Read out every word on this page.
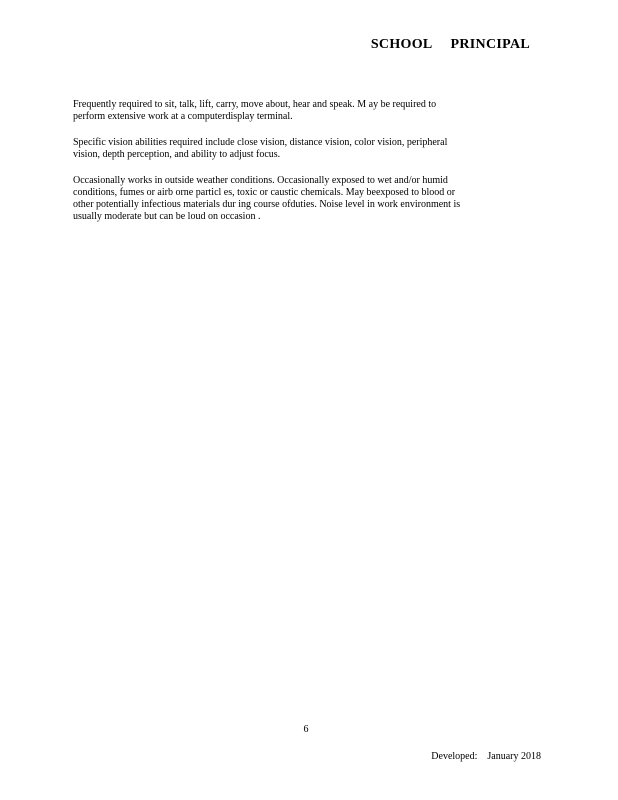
SCHOOL PRINCIPAL

Frequently required to sit, talk, lift, carry, move about, hear and speak. M ay be required to
perform extensive work at a computerdisplay terminal.

Specific vision abilities required include close vision, distance vision, color vision, peripheral
vision, depth perception, and ability to adjust focus.

Occasionally works in outside weather conditions. Occasionally exposed to wet and/or humid
conditions, fumes or airb orne particl es, toxic or caustic chemicals. May beexposed to blood or
other potentially infectious materials dur ing course ofduties. Noise level in work environment is
usually moderate but can be loud on occasion .

6
Developed: January 2018
